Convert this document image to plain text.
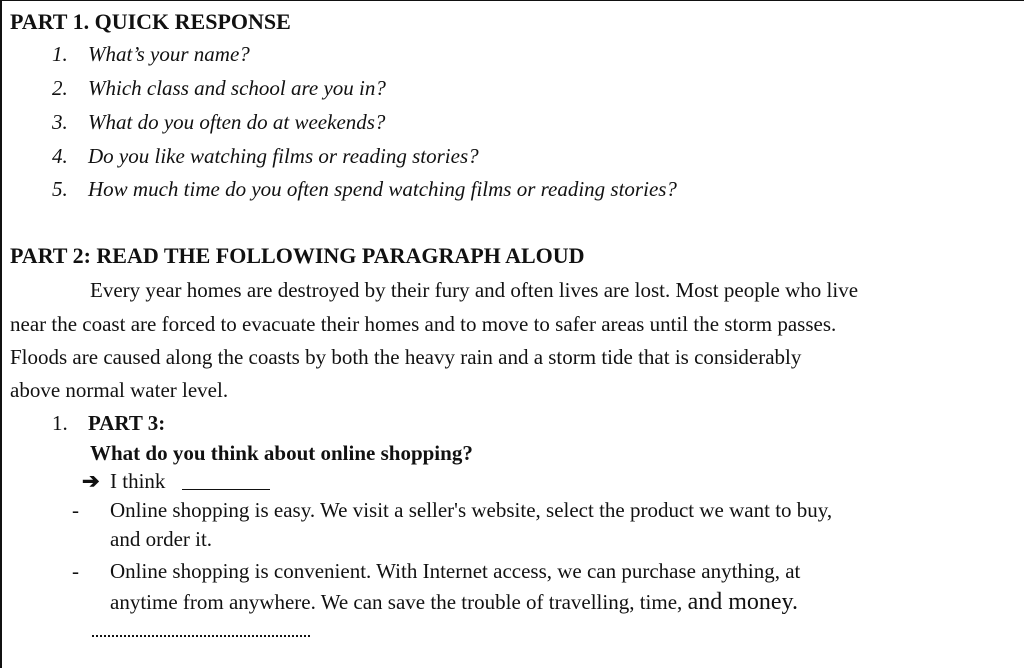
PART 1. QUICK RESPONSE
1. What’s your name?
2. Which class and school are you in?
3. What do you often do at weekends?
4. Do you like watching films or reading stories?
5. How much time do you often spend watching films or reading stories?
PART 2: READ THE FOLLOWING PARAGRAPH ALOUD
Every year homes are destroyed by their fury and often lives are lost. Most people who live
near the coast are forced to evacuate their homes and to move to safer areas until the storm passes.
Floods are caused along the coasts by both the heavy rain and a storm tide that is considerably
above normal water level.
1. PART 3:
What do you think about online shopping?
➔ I think
- Online shopping is easy. We visit a seller's website, select the product we want to buy,
and order it.
- Online shopping is convenient. With Internet access, we can purchase anything, at
anytime from anywhere. We can save the trouble of travelling, time, and money.
